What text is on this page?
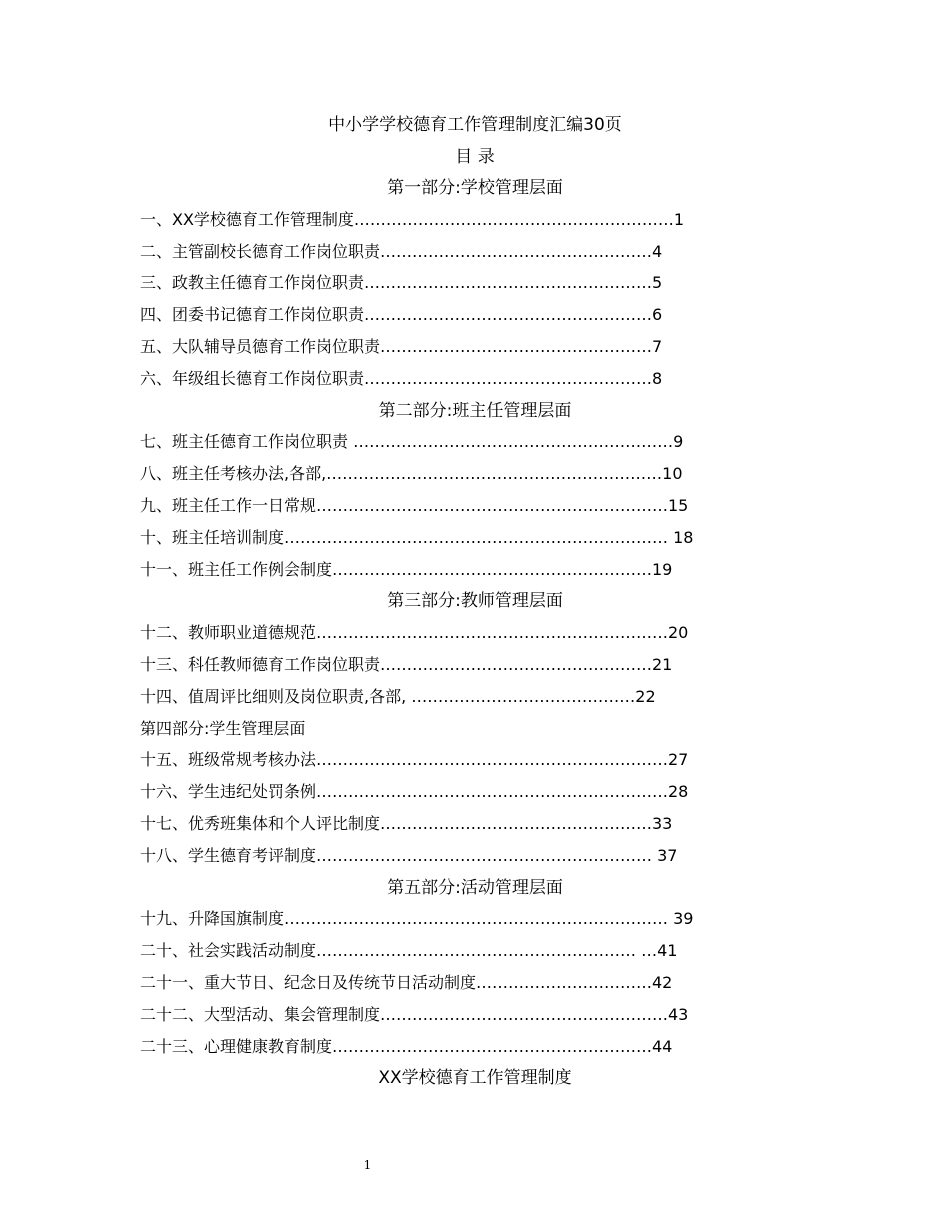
中小学学校德育工作管理制度汇编30页
目 录
第一部分:学校管理层面
一、XX学校德育工作管理制度……………………………………………………1
二、主管副校长德育工作岗位职责……………………………………………4
三、政教主任德育工作岗位职责………………………………………………5
四、团委书记德育工作岗位职责………………………………………………6
五、大队辅导员德育工作岗位职责……………………………………………7
六、年级组长德育工作岗位职责………………………………………………8
第二部分:班主任管理层面
七、班主任德育工作岗位职责 ……………………………………………………9
八、班主任考核办法,各部,………………………………………………………10
九、班主任工作一日常规…………………………………………………………15
十、班主任培训制度……………………………………………………………… 18
十一、班主任工作例会制度……………………………………………………19
第三部分:教师管理层面
十二、教师职业道德规范…………………………………………………………20
十三、科任教师德育工作岗位职责……………………………………………21
十四、值周评比细则及岗位职责,各部, ……………………………………22
第四部分:学生管理层面
十五、班级常规考核办法…………………………………………………………27
十六、学生违纪处罚条例…………………………………………………………28
十七、优秀班集体和个人评比制度……………………………………………33
十八、学生德育考评制度……………………………………………………… 37
第五部分:活动管理层面
十九、升降国旗制度……………………………………………………………… 39
二十、社会实践活动制度…………………………………………………… …41
二十一、重大节日、纪念日及传统节日活动制度……………………………42
二十二、大型活动、集会管理制度………………………………………………43
二十三、心理健康教育制度……………………………………………………44
XX学校德育工作管理制度
1
